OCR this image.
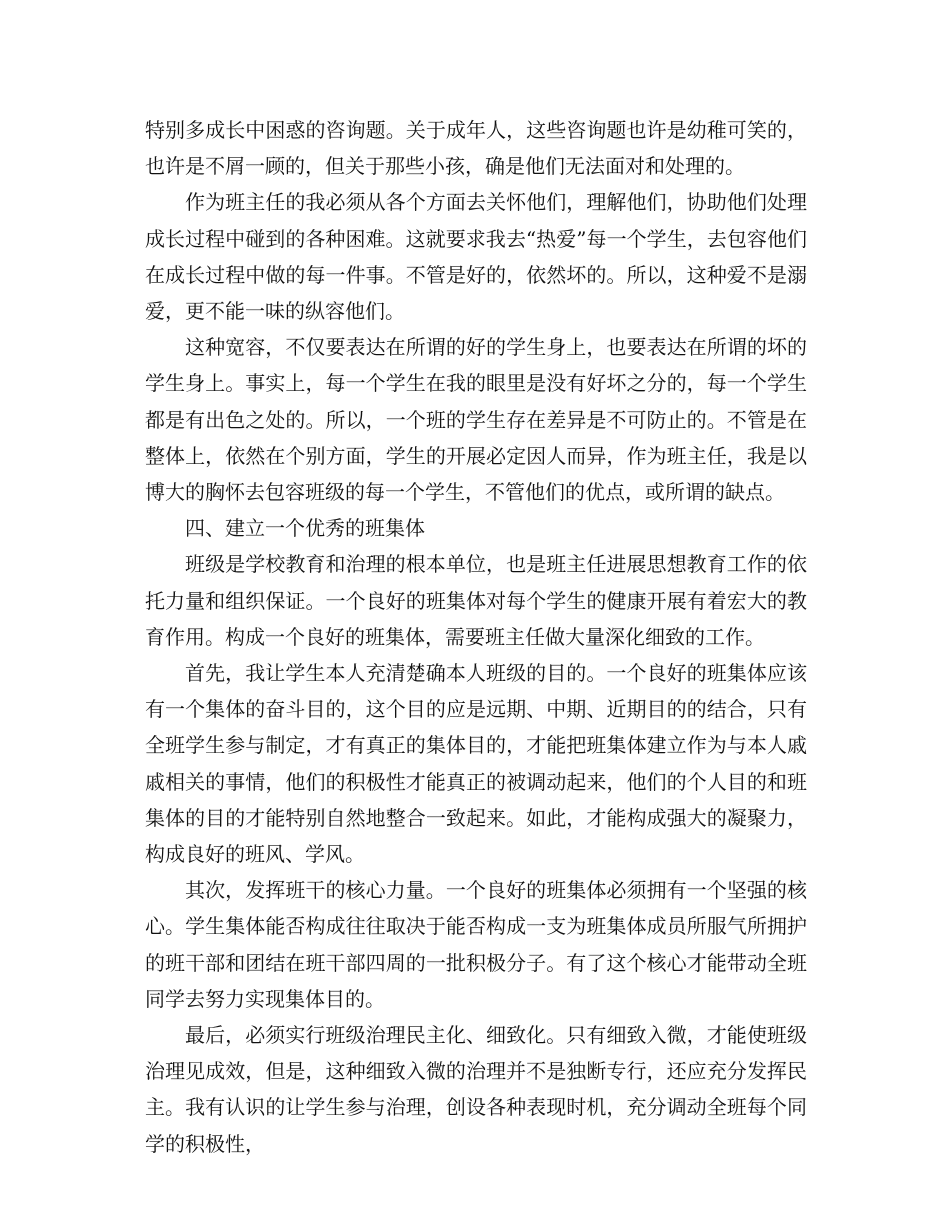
特别多成长中困惑的咨询题。关于成年人，这些咨询题也许是幼稚可笑的，也许是不屑一顾的，但关于那些小孩，确是他们无法面对和处理的。

作为班主任的我必须从各个方面去关怀他们，理解他们，协助他们处理成长过程中碰到的各种困难。这就要求我去“热爱”每一个学生，去包容他们在成长过程中做的每一件事。不管是好的，依然坏的。所以，这种爱不是溺爱，更不能一味的纵容他们。

这种宽容，不仅要表达在所谓的好的学生身上，也要表达在所谓的坏的学生身上。事实上，每一个学生在我的眼里是没有好坏之分的，每一个学生都是有出色之处的。所以，一个班的学生存在差异是不可防止的。不管是在整体上，依然在个别方面，学生的开展必定因人而异，作为班主任，我是以博大的胸怀去包容班级的每一个学生，不管他们的优点，或所谓的缺点。

四、建立一个优秀的班集体

班级是学校教育和治理的根本单位，也是班主任进展思想教育工作的依托力量和组织保证。一个良好的班集体对每个学生的健康开展有着宏大的教育作用。构成一个良好的班集体，需要班主任做大量深化细致的工作。

首先，我让学生本人充清楚确本人班级的目的。一个良好的班集体应该有一个集体的奋斗目的，这个目的应是远期、中期、近期目的的结合，只有全班学生参与制定，才有真正的集体目的，才能把班集体建立作为与本人戚戚相关的事情，他们的积极性才能真正的被调动起来，他们的个人目的和班集体的目的才能特别自然地整合一致起来。如此，才能构成强大的凝聚力，构成良好的班风、学风。

其次，发挥班干的核心力量。一个良好的班集体必须拥有一个坚强的核心。学生集体能否构成往往取决于能否构成一支为班集体成员所服气所拥护的班干部和团结在班干部四周的一批积极分子。有了这个核心才能带动全班同学去努力实现集体目的。

最后，必须实行班级治理民主化、细致化。只有细致入微，才能使班级治理见成效，但是，这种细致入微的治理并不是独断专行，还应充分发挥民主。我有认识的让学生参与治理，创设各种表现时机，充分调动全班每个同学的积极性，
